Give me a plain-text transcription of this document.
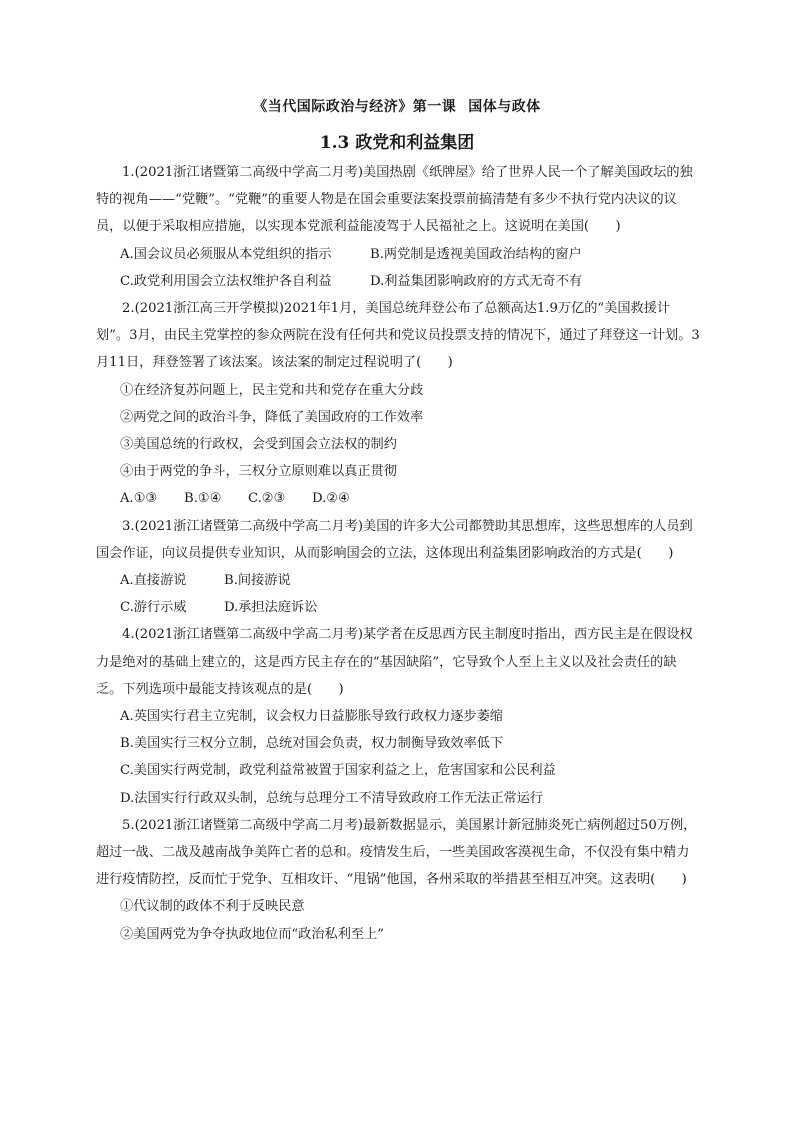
《当代国际政治与经济》第一课 国体与政体
1.3 政党和利益集团

1.(2021浙江诸暨第二高级中学高二月考)美国热剧《纸牌屋》给了世界人民一个了解美国政坛的独特的视角——“党鞭”。“党鞭”的重要人物是在国会重要法案投票前搞清楚有多少不执行党内决议的议员，以便于采取相应措施，以实现本党派利益能凌驾于人民福祉之上。这说明在美国(　　)

A.国会议员必须服从本党组织的指示	B.两党制是透视美国政治结构的窗户
C.政党利用国会立法权维护各自利益	D.利益集团影响政府的方式无奇不有

2.(2021浙江高三开学模拟)2021年1月，美国总统拜登公布了总额高达1.9万亿的“美国救援计划”。3月，由民主党掌控的参众两院在没有任何共和党议员投票支持的情况下，通过了拜登这一计划。3月11日，拜登签署了该法案。该法案的制定过程说明了(　　)

①在经济复苏问题上，民主党和共和党存在重大分歧

②两党之间的政治斗争，降低了美国政府的工作效率

③美国总统的行政权，会受到国会立法权的制约

④由于两党的争斗，三权分立原则难以真正贯彻

A.①③ B.①④ C.②③ D.②④

3.(2021浙江诸暨第二高级中学高二月考)美国的许多大公司都赞助其思想库，这些思想库的人员到国会作证，向议员提供专业知识，从而影响国会的立法，这体现出利益集团影响政治的方式是(　　)

A.直接游说	B.间接游说
C.游行示威	D.承担法庭诉讼

4.(2021浙江诸暨第二高级中学高二月考)某学者在反思西方民主制度时指出，西方民主是在假设权力是绝对的基础上建立的，这是西方民主存在的“基因缺陷”，它导致个人至上主义以及社会责任的缺乏。下列选项中最能支持该观点的是(　　)

A.英国实行君主立宪制，议会权力日益膨胀导致行政权力逐步萎缩

B.美国实行三权分立制，总统对国会负责，权力制衡导致效率低下

C.美国实行两党制，政党利益常被置于国家利益之上，危害国家和公民利益

D.法国实行行政双头制，总统与总理分工不清导致政府工作无法正常运行

5.(2021浙江诸暨第二高级中学高二月考)最新数据显示，美国累计新冠肺炎死亡病例超过50万例，超过一战、二战及越南战争美阵亡者的总和。疫情发生后，一些美国政客漠视生命，不仅没有集中精力进行疫情防控，反而忙于党争、互相攻讦、“甩锅”他国，各州采取的举措甚至相互冲突。这表明(　　)

①代议制的政体不利于反映民意

②美国两党为争夺执政地位而“政治私利至上”
